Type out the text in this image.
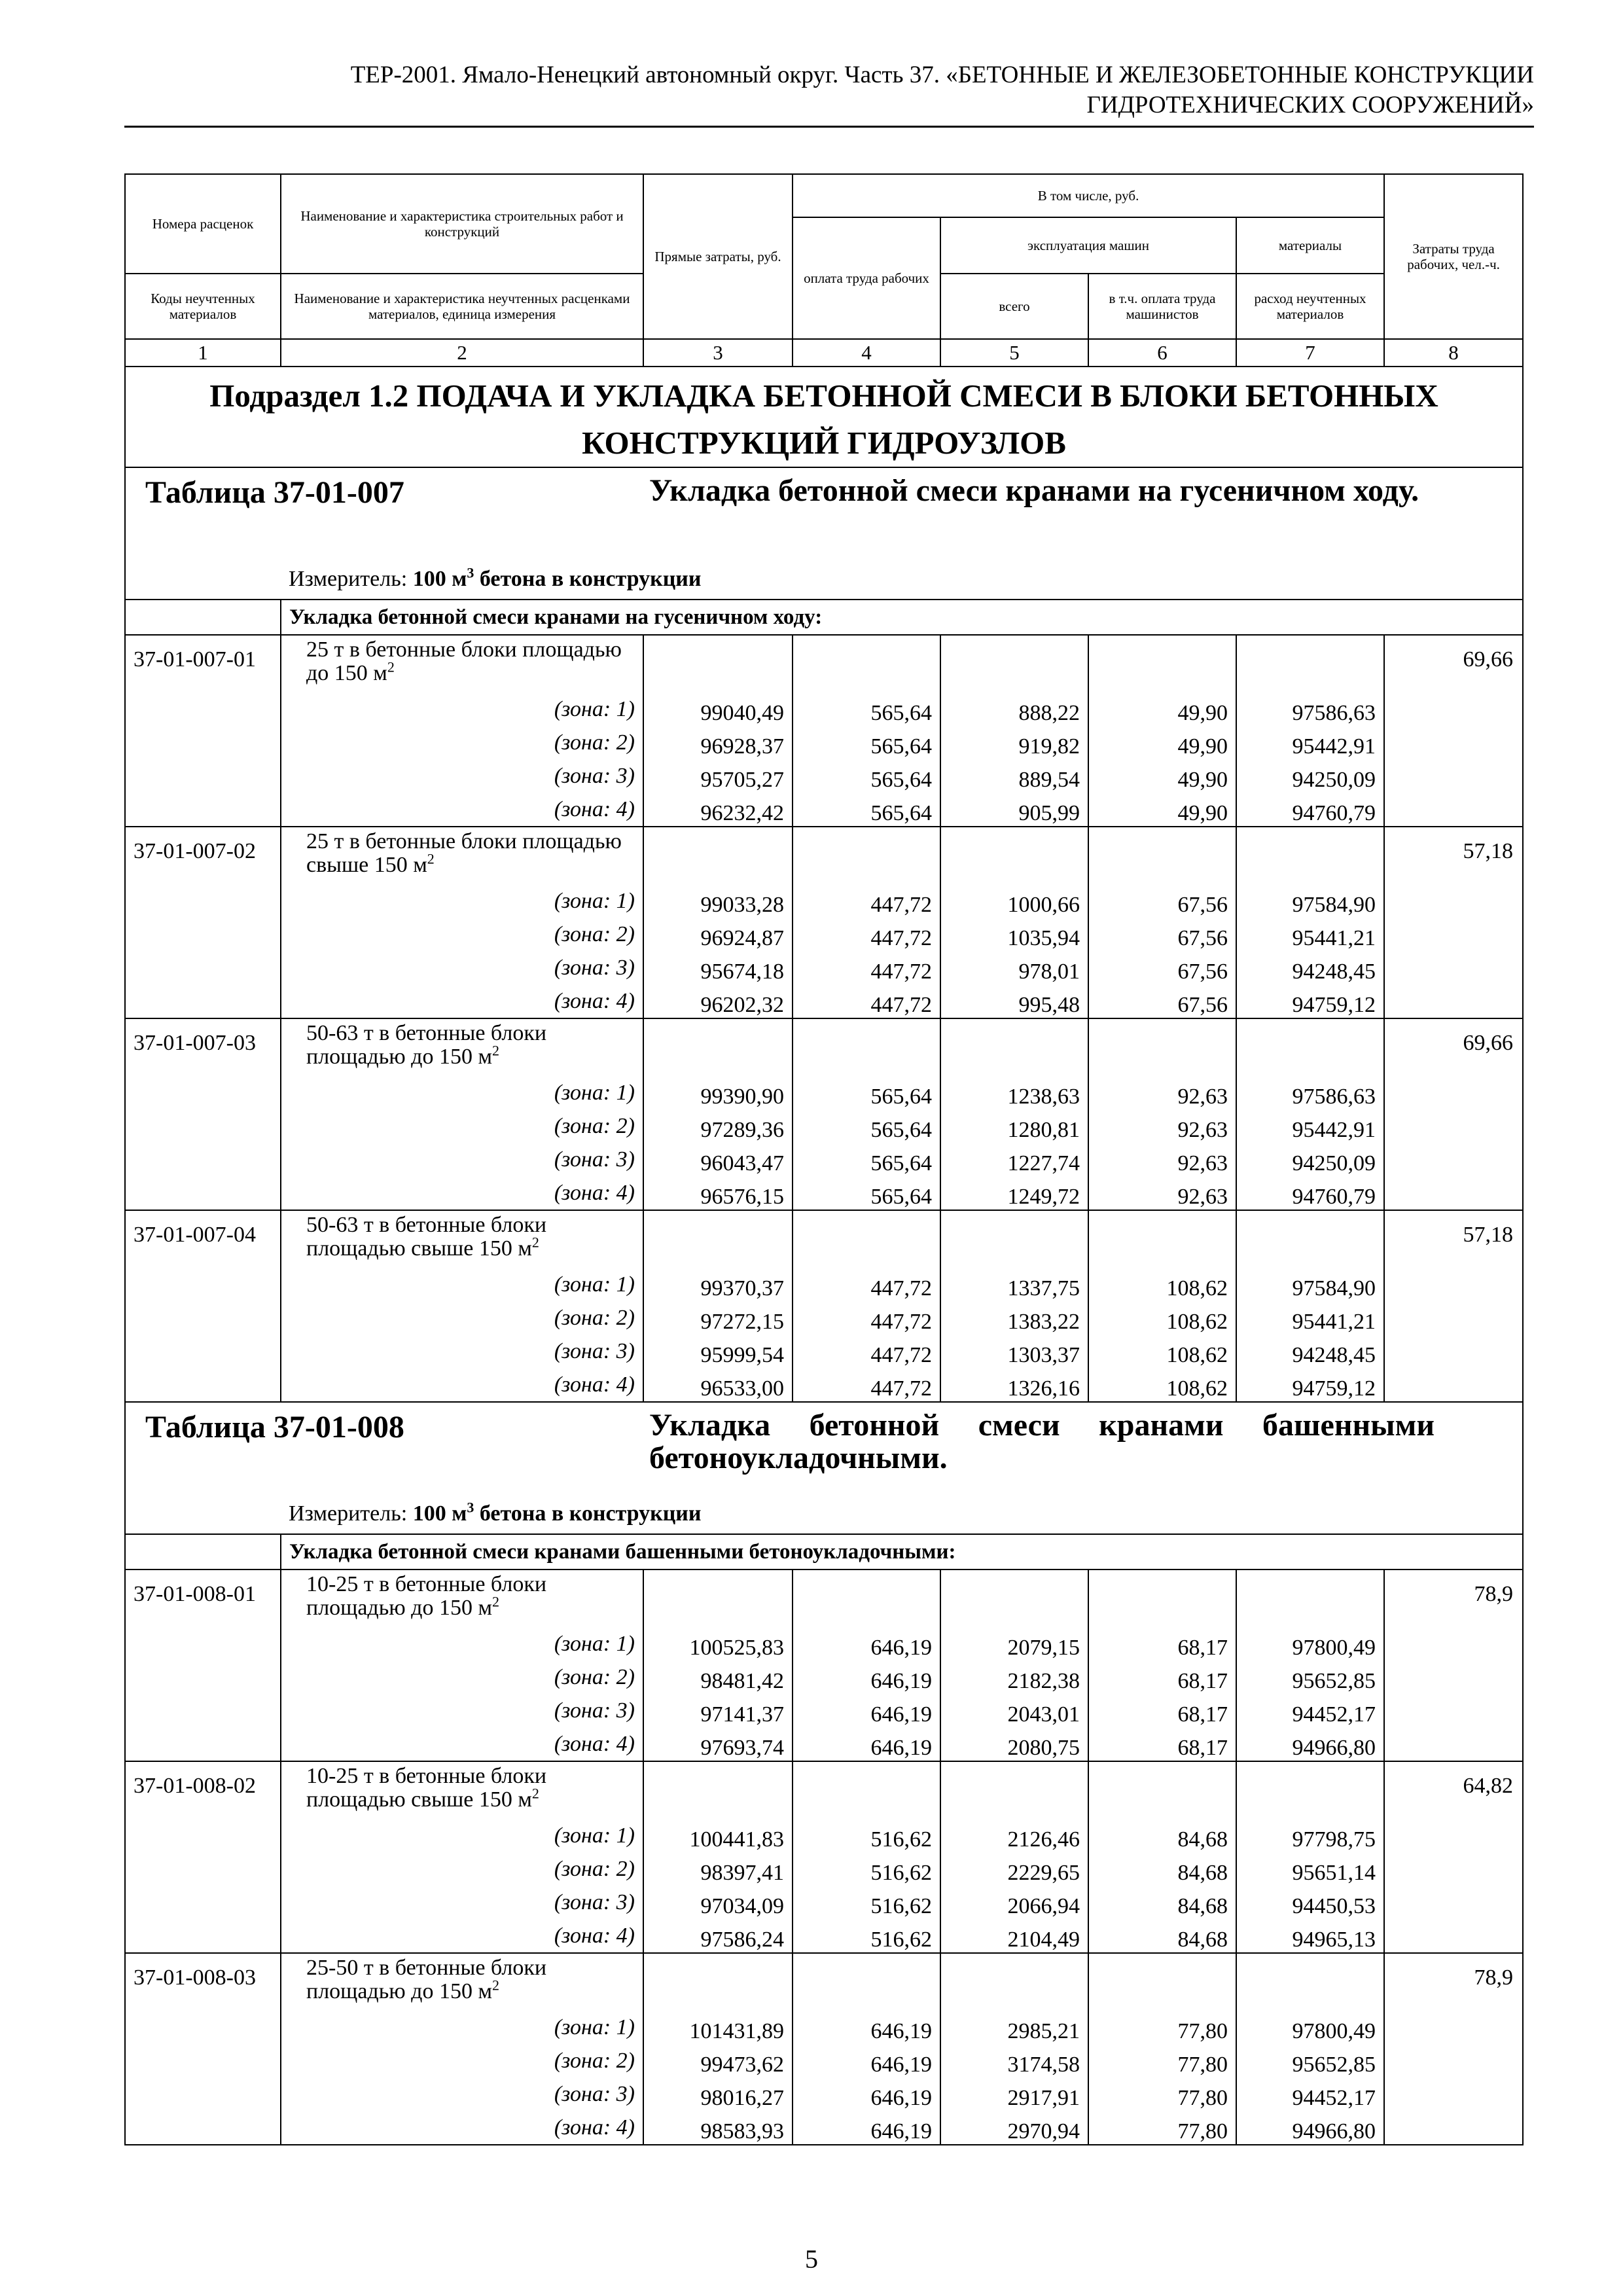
ТЕР-2001. Ямало-Ненецкий автономный округ. Часть 37. «БЕТОННЫЕ И ЖЕЛЕЗОБЕТОННЫЕ КОНСТРУКЦИИ
ГИДРОТЕХНИЧЕСКИХ СООРУЖЕНИЙ»
Номера расценок	Наименование и характеристика строительных работ и конструкций	Прямые затраты, руб.	В том числе, руб.				Затраты труда рабочих, чел.-ч.
			оплата труда рабочих	эксплуатация машин		материалы	
Коды неучтенных материалов	Наименование и характеристика неучтенных расценками материалов, единица измерения			всего	в т.ч. оплата труда машинистов	расход неучтенных материалов	
1	2	3	4	5	6	7	8

Подраздел 1.2 ПОДАЧА И УКЛАДКА БЕТОННОЙ СМЕСИ В БЛОКИ БЕТОННЫХ
КОНСТРУКЦИЙ ГИДРОУЗЛОВ							

Таблица 37-01-007 Укладка бетонной смеси кранами на гусеничном ходу.							

	Измеритель: 100 $м^3$ бетона в конструкции						
	Укладка бетонной смеси кранами на гусеничном ходу:						
37-01-007-01	25 т в бетонные блоки площадью до 150 $м^2$						69,66
	(зона: 1)	99040,49	565,64	888,22	49,90	97586,63	
	(зона: 2)	96928,37	565,64	919,82	49,90	95442,91	
	(зона: 3)	95705,27	565,64	889,54	49,90	94250,09	
	(зона: 4)	96232,42	565,64	905,99	49,90	94760,79	
37-01-007-02	25 т в бетонные блоки площадью свыше 150 $м^2$						57,18
	(зона: 1)	99033,28	447,72	1000,66	67,56	97584,90	
	(зона: 2)	96924,87	447,72	1035,94	67,56	95441,21	
	(зона: 3)	95674,18	447,72	978,01	67,56	94248,45	
	(зона: 4)	96202,32	447,72	995,48	67,56	94759,12	
37-01-007-03	50-63 т в бетонные блоки площадью до 150 $м^2$						69,66
	(зона: 1)	99390,90	565,64	1238,63	92,63	97586,63	
	(зона: 2)	97289,36	565,64	1280,81	92,63	95442,91	
	(зона: 3)	96043,47	565,64	1227,74	92,63	94250,09	
	(зона: 4)	96576,15	565,64	1249,72	92,63	94760,79	
37-01-007-04	50-63 т в бетонные блоки площадью свыше 150 $м^2$						57,18
	(зона: 1)	99370,37	447,72	1337,75	108,62	97584,90	
	(зона: 2)	97272,15	447,72	1383,22	108,62	95441,21	
	(зона: 3)	95999,54	447,72	1303,37	108,62	94248,45	
	(зона: 4)	96533,00	447,72	1326,16	108,62	94759,12	

Таблица 37-01-008 Укладка бетонной смеси кранами башенными бетоноукладочными.							

	Измеритель: 100 $м^3$ бетона в конструкции						
	Укладка бетонной смеси кранами башенными бетоноукладочными:						
37-01-008-01	10-25 т в бетонные блоки площадью до 150 $м^2$						78,9
	(зона: 1)	100525,83	646,19	2079,15	68,17	97800,49	
	(зона: 2)	98481,42	646,19	2182,38	68,17	95652,85	
	(зона: 3)	97141,37	646,19	2043,01	68,17	94452,17	
	(зона: 4)	97693,74	646,19	2080,75	68,17	94966,80	
37-01-008-02	10-25 т в бетонные блоки площадью свыше 150 $м^2$						64,82
	(зона: 1)	100441,83	516,62	2126,46	84,68	97798,75	
	(зона: 2)	98397,41	516,62	2229,65	84,68	95651,14	
	(зона: 3)	97034,09	516,62	2066,94	84,68	94450,53	
	(зона: 4)	97586,24	516,62	2104,49	84,68	94965,13	
37-01-008-03	25-50 т в бетонные блоки площадью до 150 $м^2$						78,9
	(зона: 1)	101431,89	646,19	2985,21	77,80	97800,49	
	(зона: 2)	99473,62	646,19	3174,58	77,80	95652,85	
	(зона: 3)	98016,27	646,19	2917,91	77,80	94452,17	
	(зона: 4)	98583,93	646,19	2970,94	77,80	94966,80	
5
